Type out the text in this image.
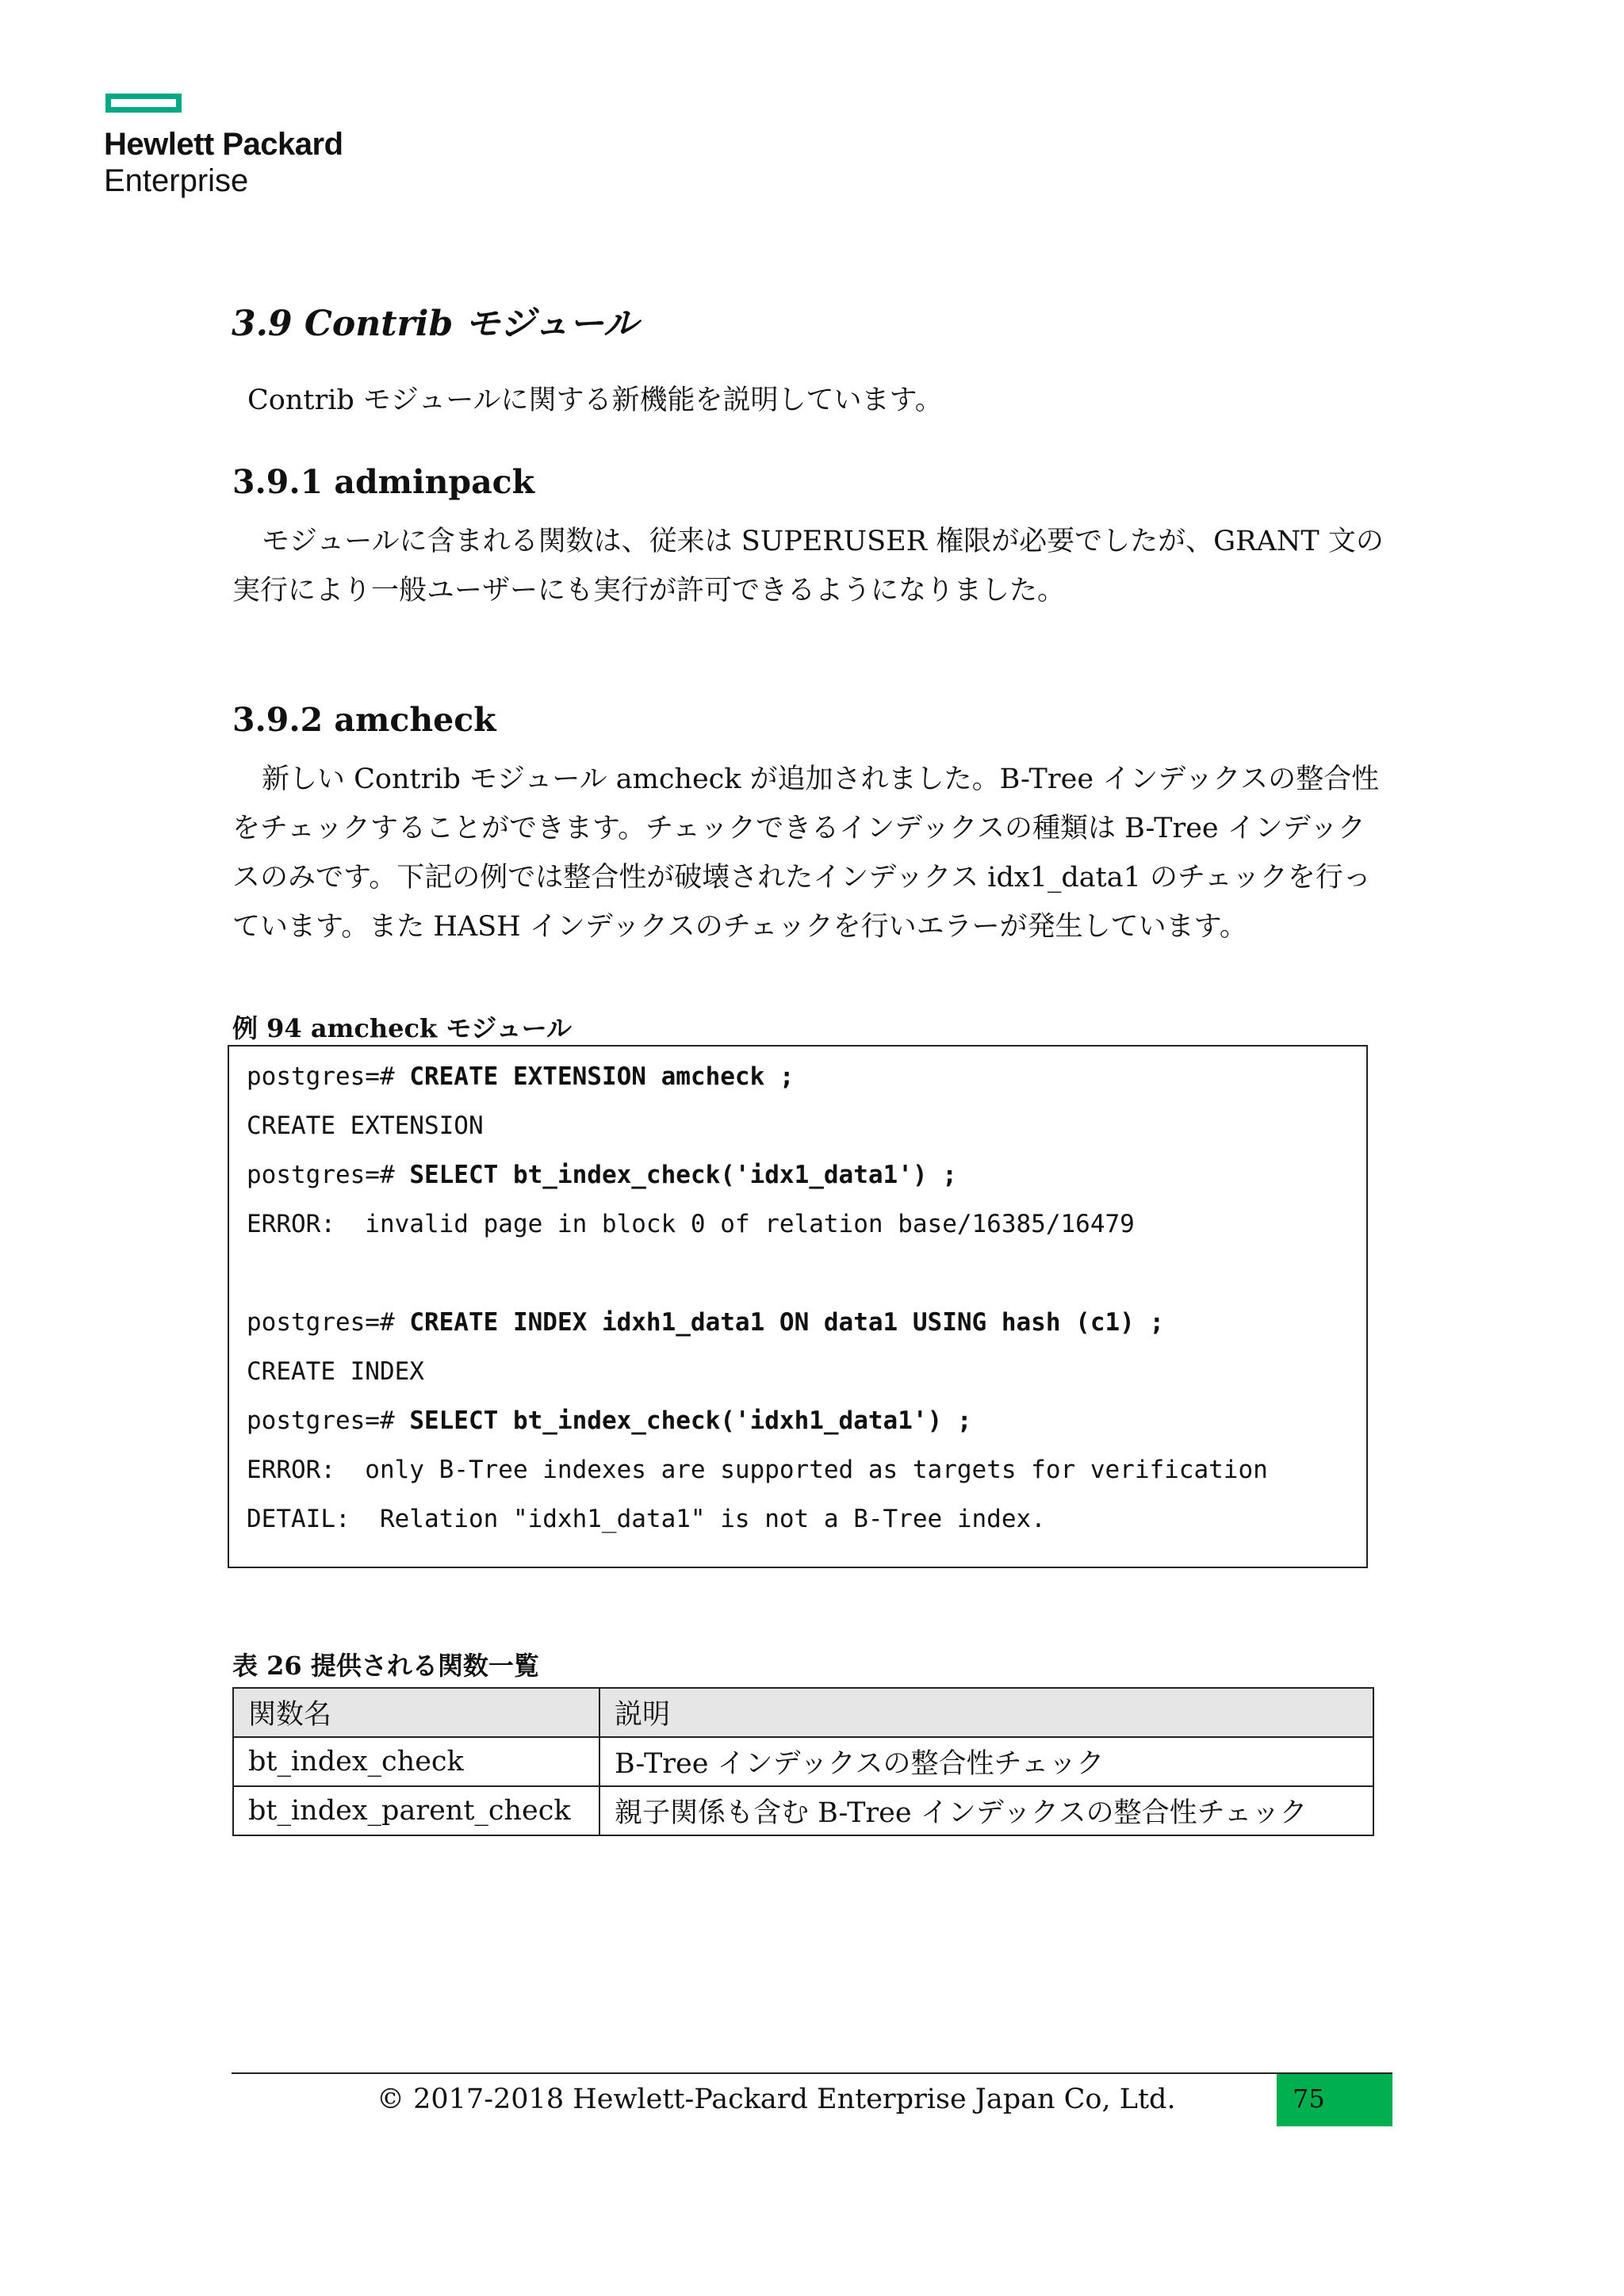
Hewlett Packard
Enterprise
3.9 Contrib モジュール
Contrib モジュールに関する新機能を説明しています。
3.9.1 adminpack
モジュールに含まれる関数は、従来は SUPERUSER 権限が必要でしたが、GRANT 文の
実行により一般ユーザーにも実行が許可できるようになりました。
3.9.2 amcheck
新しい Contrib モジュール amcheck が追加されました。B-Tree インデックスの整合性
をチェックすることができます。チェックできるインデックスの種類は B-Tree インデック
スのみです。下記の例では整合性が破壊されたインデックス idx1_data1 のチェックを行っ
ています。また HASH インデックスのチェックを行いエラーが発生しています。
例 94 amcheck モジュール
postgres=# CREATE EXTENSION amcheck ;
CREATE EXTENSION
postgres=# SELECT bt_index_check('idx1_data1') ;
ERROR:  invalid page in block 0 of relation base/16385/16479
postgres=# CREATE INDEX idxh1_data1 ON data1 USING hash (c1) ;
CREATE INDEX
postgres=# SELECT bt_index_check('idxh1_data1') ;
ERROR:  only B-Tree indexes are supported as targets for verification
DETAIL:  Relation "idxh1_data1" is not a B-Tree index.
表 26 提供される関数一覧
関数名	説明
bt_index_check	B-Tree インデックスの整合性チェック
bt_index_parent_check	親子関係も含む B-Tree インデックスの整合性チェック
© 2017-2018 Hewlett-Packard Enterprise Japan Co, Ltd.	75
